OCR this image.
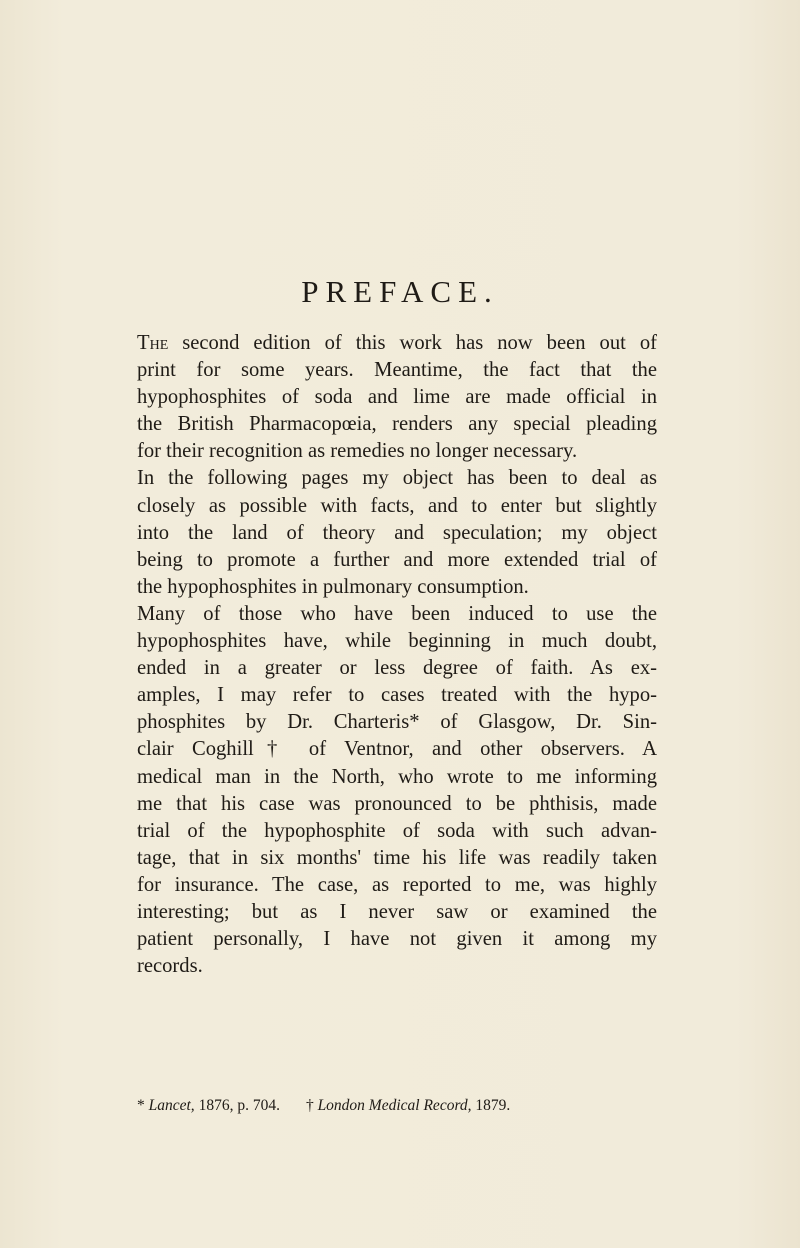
PREFACE.

The second edition of this work has now been out of
print for some years. Meantime, the fact that the
hypophosphites of soda and lime are made official in
the British Pharmacopœia, renders any special pleading
for their recognition as remedies no longer necessary.

In the following pages my object has been to deal as
closely as possible with facts, and to enter but slightly
into the land of theory and speculation; my object
being to promote a further and more extended trial of
the hypophosphites in pulmonary consumption.

Many of those who have been induced to use the
hypophosphites have, while beginning in much doubt,
ended in a greater or less degree of faith. As ex-
amples, I may refer to cases treated with the hypo-
phosphites by Dr. Charteris* of Glasgow, Dr. Sin-
clair Coghill† of Ventnor, and other observers. A
medical man in the North, who wrote to me informing
me that his case was pronounced to be phthisis, made
trial of the hypophosphite of soda with such advan-
tage, that in six months' time his life was readily taken
for insurance. The case, as reported to me, was highly
interesting; but as I never saw or examined the
patient personally, I have not given it among my
records.

* Lancet, 1876, p. 704. † London Medical Record, 1879.
